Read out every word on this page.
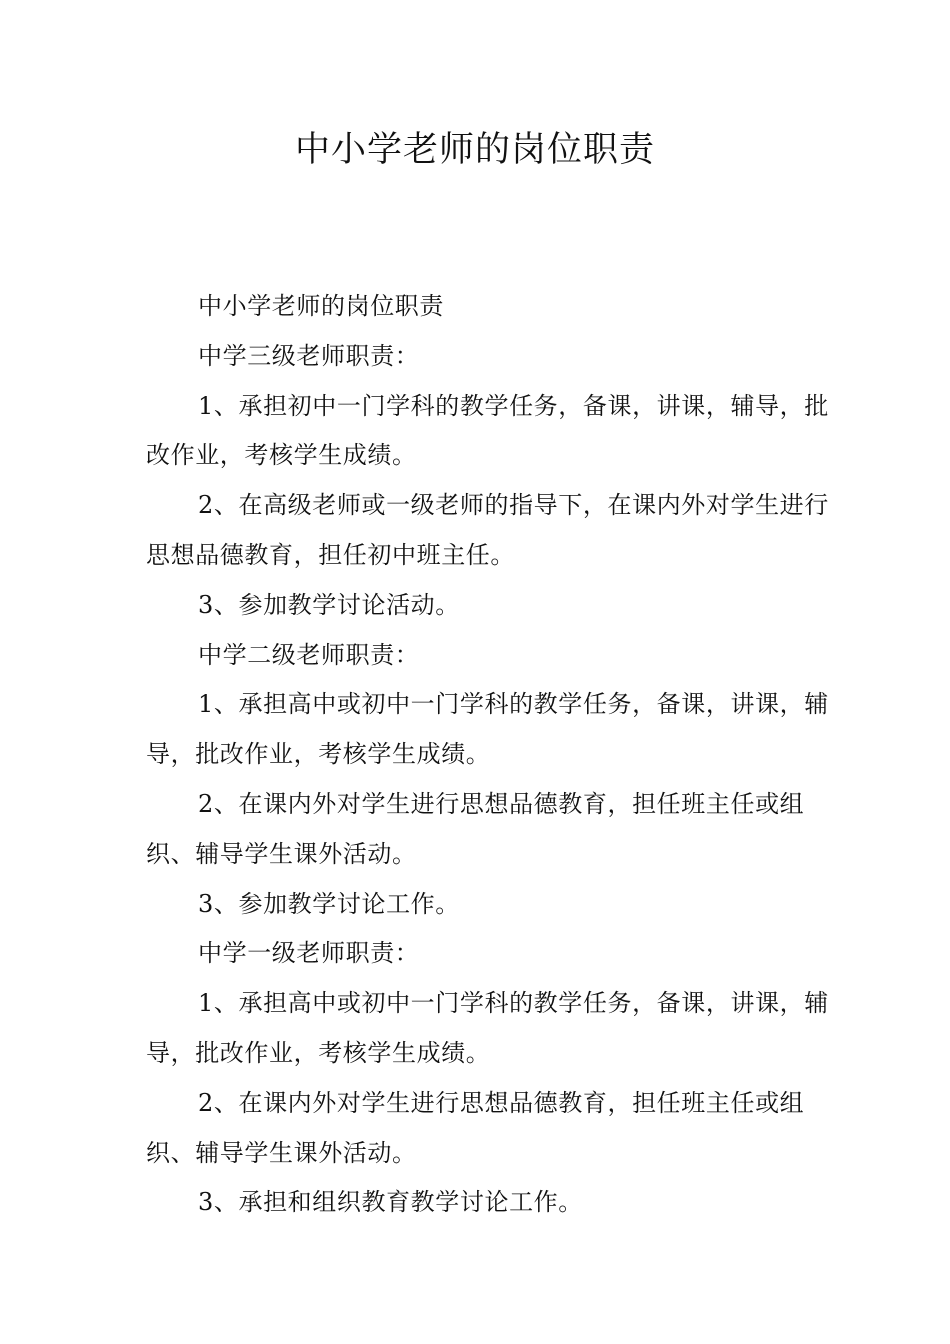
中小学老师的岗位职责

中小学老师的岗位职责

中学三级老师职责：

1、承担初中一门学科的教学任务，备课，讲课，辅导，批改作业，考核学生成绩。

2、在高级老师或一级老师的指导下，在课内外对学生进行思想品德教育，担任初中班主任。

3、参加教学讨论活动。

中学二级老师职责：

1、承担高中或初中一门学科的教学任务，备课，讲课，辅导，批改作业，考核学生成绩。

2、在课内外对学生进行思想品德教育，担任班主任或组织、辅导学生课外活动。

3、参加教学讨论工作。

中学一级老师职责：

1、承担高中或初中一门学科的教学任务，备课，讲课，辅导，批改作业，考核学生成绩。

2、在课内外对学生进行思想品德教育，担任班主任或组织、辅导学生课外活动。

3、承担和组织教育教学讨论工作。
